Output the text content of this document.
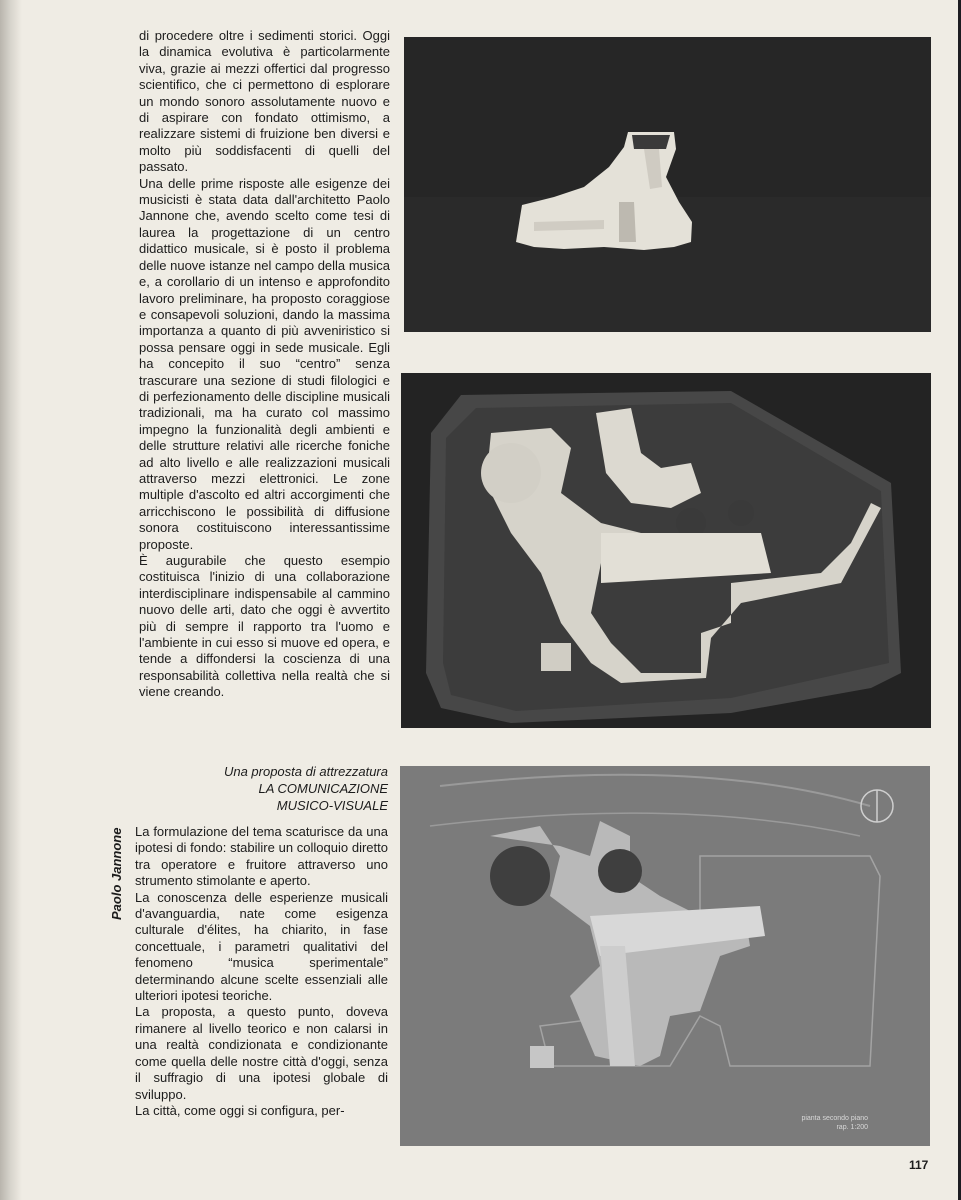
di procedere oltre i sedimenti storici. Oggi la dinamica evolutiva è particolarmente viva, grazie ai mezzi offertici dal progresso scientifico, che ci permettono di esplorare un mondo sonoro assolutamente nuovo e di aspirare con fondato ottimismo, a realizzare sistemi di fruizione ben diversi e molto più soddisfacenti di quelli del passato.

Una delle prime risposte alle esigenze dei musicisti è stata data dall'architetto Paolo Jannone che, avendo scelto come tesi di laurea la progettazione di un centro didattico musicale, si è posto il problema delle nuove istanze nel campo della musica e, a corollario di un intenso e approfondito lavoro preliminare, ha proposto coraggiose e consapevoli soluzioni, dando la massima importanza a quanto di più avveniristico si possa pensare oggi in sede musicale. Egli ha concepito il suo “centro” senza trascurare una sezione di studi filologici e di perfezionamento delle discipline musicali tradizionali, ma ha curato col massimo impegno la funzionalità degli ambienti e delle strutture relativi alle ricerche foniche ad alto livello e alle realizzazioni musicali attraverso mezzi elettronici. Le zone multiple d'ascolto ed altri accorgimenti che arricchiscono le possibilità di diffusione sonora costituiscono interessantissime proposte.

È augurabile che questo esempio costituisca l'inizio di una collaborazione interdisciplinare indispensabile al cammino nuovo delle arti, dato che oggi è avvertito più di sempre il rapporto tra l'uomo e l'ambiente in cui esso si muove ed opera, e tende a diffondersi la coscienza di una responsabilità collettiva nella realtà che si viene creando.

Una proposta di attrezzatura
LA COMUNICAZIONE
MUSICO-VISUALE
Paolo Jannone La formulazione del tema scaturisce da una ipotesi di fondo: stabilire un colloquio diretto tra operatore e fruitore attraverso uno strumento stimolante e aperto.

La conoscenza delle esperienze musicali d'avanguardia, nate come esigenza culturale d'élites, ha chiarito, in fase concettuale, i parametri qualitativi del fenomeno “musica sperimentale” determinando alcune scelte essenziali alle ulteriori ipotesi teoriche.

La proposta, a questo punto, doveva rimanere al livello teorico e non calarsi in una realtà condizionata e condizionante come quella delle nostre città d'oggi, senza il suffragio di una ipotesi globale di sviluppo.

La città, come oggi si configura, per-

pianta secondo piano
rap. 1:200
117
